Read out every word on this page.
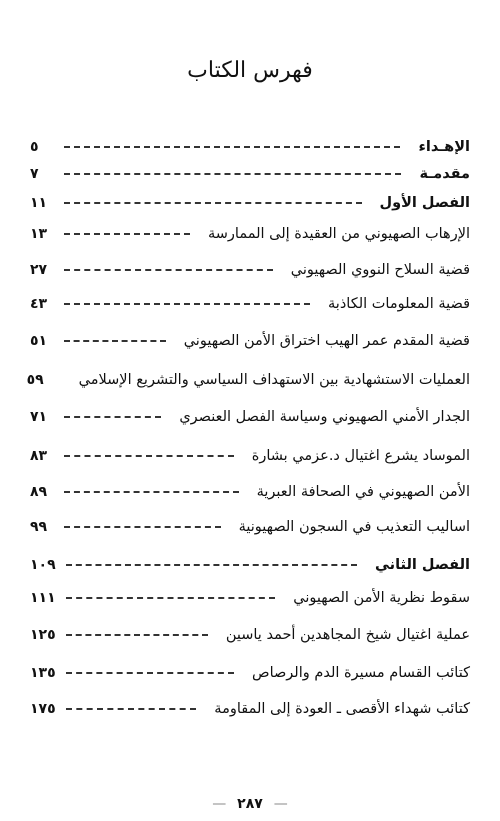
فهرس الكتاب
الإهـداء
٥
مقدمـة
٧
الفصل الأول
١١
الإرهاب الصهيوني من العقيدة إلى الممارسة
١٣
قضية السلاح النووي الصهيوني
٢٧
قضية المعلومات الكاذبة
٤٣
قضية المقدم عمر الهيب اختراق الأمن الصهيوني
٥١
العمليات الاستشهادية بين الاستهداف السياسي والتشريع الإسلامي
٥٩
الجدار الأمني الصهيوني وسياسة الفصل العنصري
٧١
الموساد يشرع اغتيال د.عزمي بشارة
٨٣
الأمن الصهيوني في الصحافة العبرية
٨٩
اساليب التعذيب في السجون الصهيونية
٩٩
الفصل الثاني
١٠٩
سقوط نظرية الأمن الصهيوني
١١١
عملية اغتيال شيخ المجاهدين أحمد ياسين
١٢٥
كتائب القسام مسيرة الدم والرصاص
١٣٥
كتائب شهداء الأقصى ـ العودة إلى المقاومة
١٧٥
— ٢٨٧ —
